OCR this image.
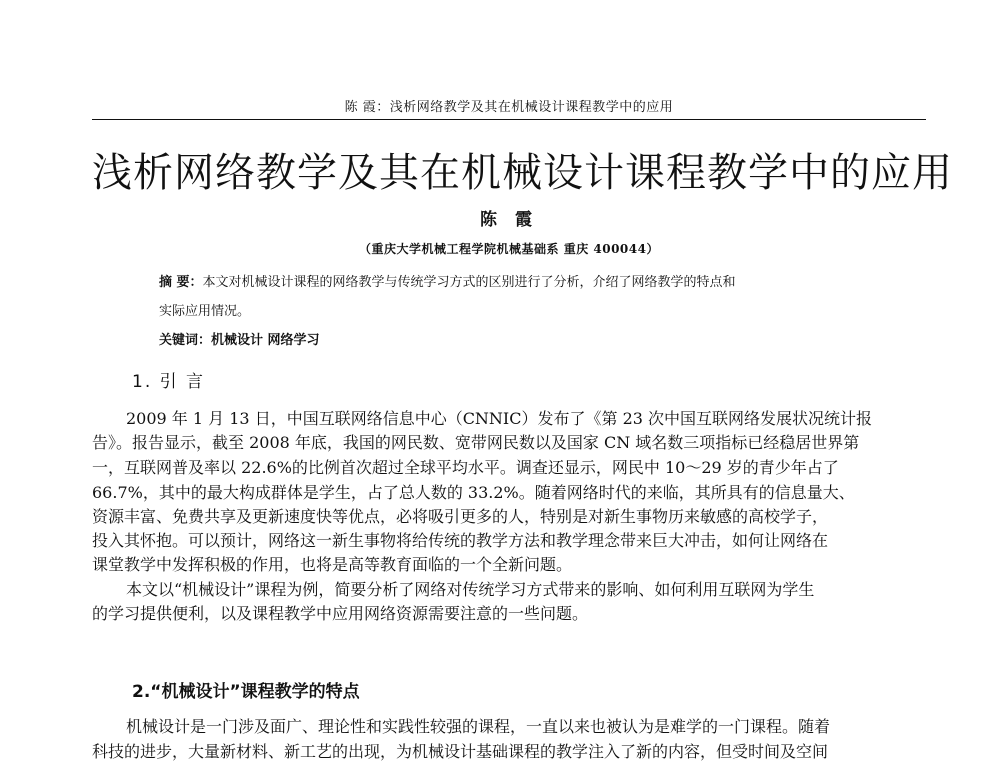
陈 霞：浅析网络教学及其在机械设计课程教学中的应用
浅析网络教学及其在机械设计课程教学中的应用
陈 霞
（重庆大学机械工程学院机械基础系 重庆 400044）
摘 要：本文对机械设计课程的网络教学与传统学习方式的区别进行了分析，介绍了网络教学的特点和
实际应用情况。
关键词：机械设计 网络学习
1. 引 言
2009 年 1 月 13 日，中国互联网络信息中心（CNNIC）发布了《第 23 次中国互联网络发展状况统计报
告》。报告显示，截至 2008 年底，我国的网民数、宽带网民数以及国家 CN 域名数三项指标已经稳居世界第
一，互联网普及率以 22.6%的比例首次超过全球平均水平。调查还显示，网民中 10～29 岁的青少年占了
66.7%，其中的最大构成群体是学生，占了总人数的 33.2%。随着网络时代的来临，其所具有的信息量大、
资源丰富、免费共享及更新速度快等优点，必将吸引更多的人，特别是对新生事物历来敏感的高校学子，
投入其怀抱。可以预计，网络这一新生事物将给传统的教学方法和教学理念带来巨大冲击，如何让网络在
课堂教学中发挥积极的作用，也将是高等教育面临的一个全新问题。
本文以“机械设计”课程为例，简要分析了网络对传统学习方式带来的影响、如何利用互联网为学生
的学习提供便利，以及课程教学中应用网络资源需要注意的一些问题。
2.“机械设计”课程教学的特点
机械设计是一门涉及面广、理论性和实践性较强的课程，一直以来也被认为是难学的一门课程。随着
科技的进步，大量新材料、新工艺的出现，为机械设计基础课程的教学注入了新的内容，但受时间及空间
